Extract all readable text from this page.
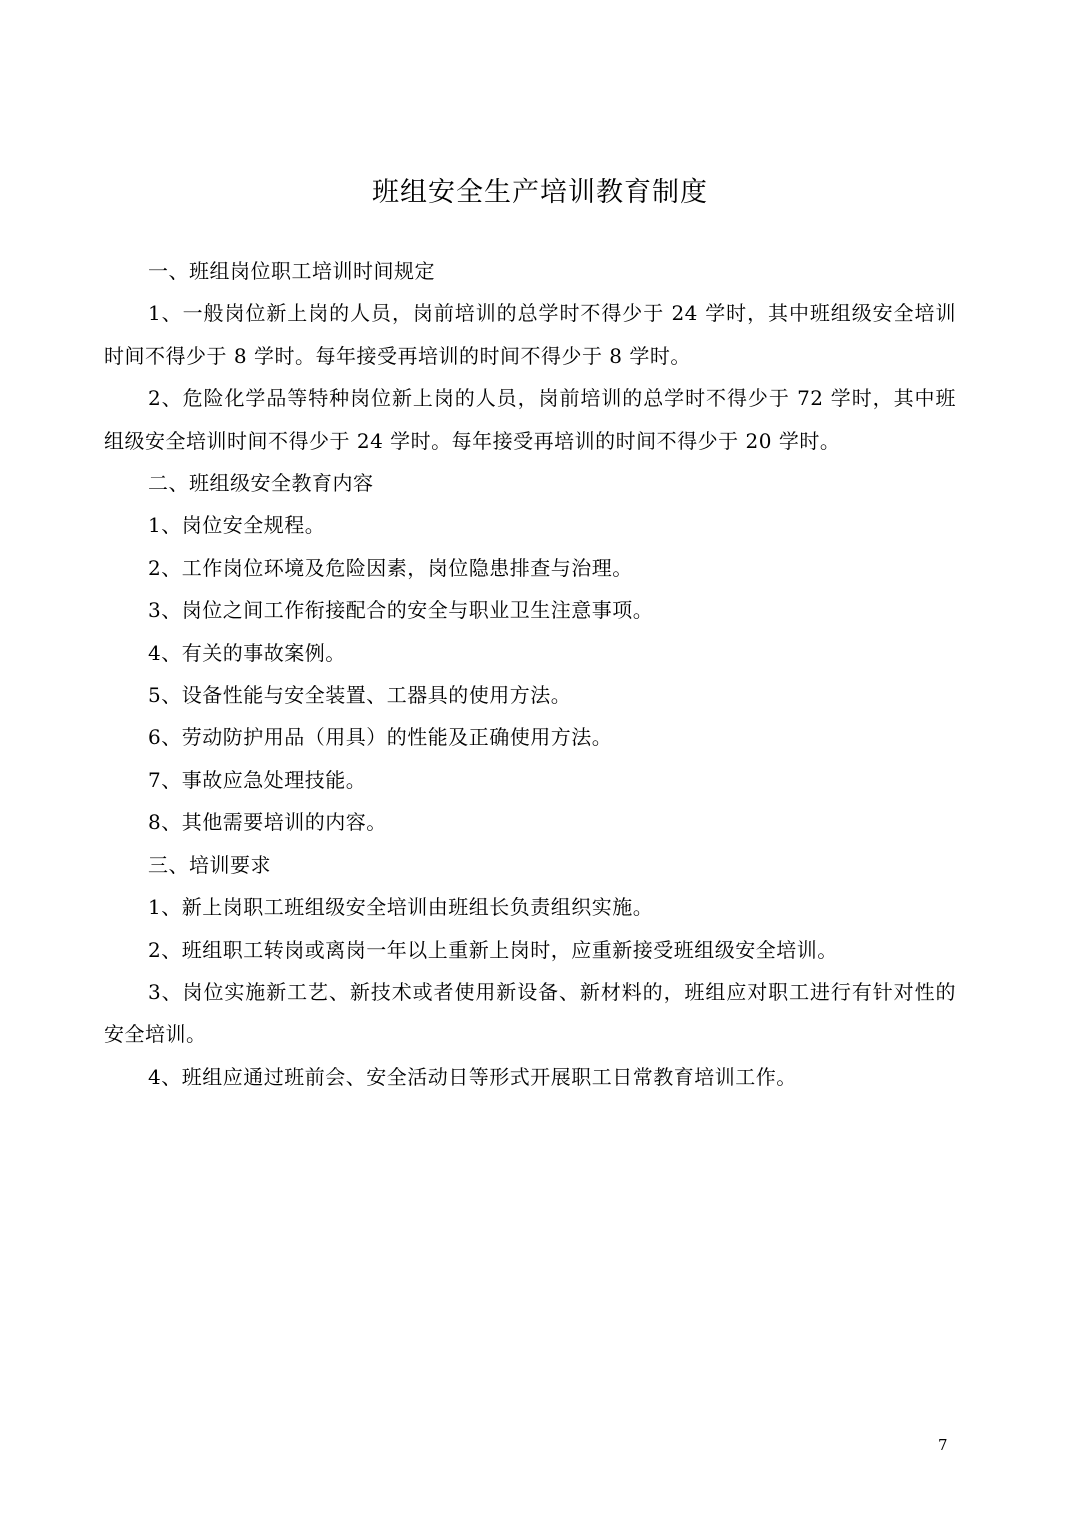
班组安全生产培训教育制度

一、班组岗位职工培训时间规定

1、一般岗位新上岗的人员，岗前培训的总学时不得少于 24 学时，其中班组级安全培训时间不得少于 8 学时。每年接受再培训的时间不得少于 8 学时。

2、危险化学品等特种岗位新上岗的人员，岗前培训的总学时不得少于 72 学时，其中班组级安全培训时间不得少于 24 学时。每年接受再培训的时间不得少于 20 学时。

二、班组级安全教育内容

1、岗位安全规程。

2、工作岗位环境及危险因素，岗位隐患排查与治理。

3、岗位之间工作衔接配合的安全与职业卫生注意事项。

4、有关的事故案例。

5、设备性能与安全装置、工器具的使用方法。

6、劳动防护用品（用具）的性能及正确使用方法。

7、事故应急处理技能。

8、其他需要培训的内容。

三、培训要求

1、新上岗职工班组级安全培训由班组长负责组织实施。

2、班组职工转岗或离岗一年以上重新上岗时，应重新接受班组级安全培训。

3、岗位实施新工艺、新技术或者使用新设备、新材料的，班组应对职工进行有针对性的安全培训。

4、班组应通过班前会、安全活动日等形式开展职工日常教育培训工作。

7
